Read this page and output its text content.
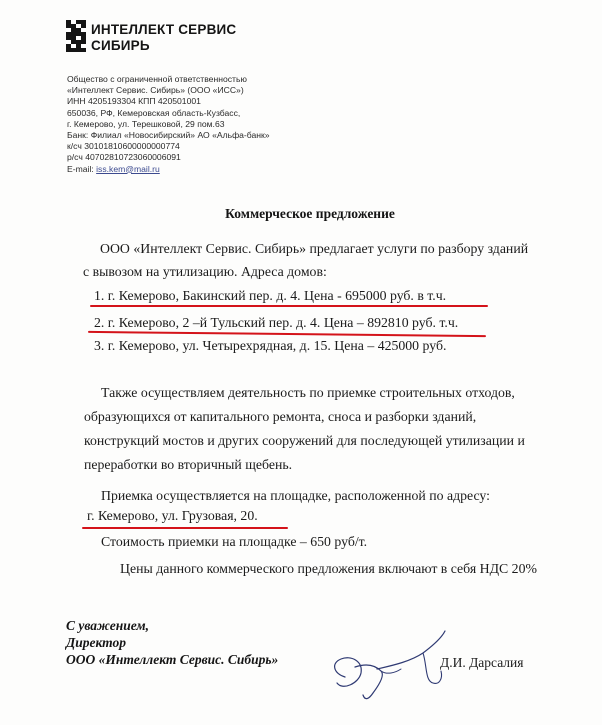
ИНТЕЛЛЕКТ СЕРВИС
СИБИРЬ
Общество с ограниченной ответственностью
«Интеллект Сервис. Сибирь» (ООО «ИСС»)
ИНН 4205193304 КПП 420501001
650036, РФ, Кемеровская область-Кузбасс,
г. Кемерово, ул. Терешковой, 29 пом.63
Банк: Филиал «Новосибирский» АО «Альфа-банк»
к/сч 30101810600000000774
р/сч 40702810723060006091
E-mail: iss.kem@mail.ru
Коммерческое предложение
ООО «Интеллект Сервис. Сибирь» предлагает услуги по разбору зданий
с вывозом на утилизацию. Адреса домов:
1. г. Кемерово, Бакинский пер. д. 4. Цена - 695000 руб. в т.ч.
2. г. Кемерово, 2 –й Тульский пер. д. 4. Цена – 892810 руб. т.ч.
3. г. Кемерово, ул. Четырехрядная, д. 15. Цена – 425000 руб.
Также осуществляем деятельность по приемке строительных отходов,
образующихся от капитального ремонта, сноса и разборки зданий,
конструкций мостов и других сооружений для последующей утилизации и
переработки во вторичный щебень.
Приемка осуществляется на площадке, расположенной по адресу:
г. Кемерово, ул. Грузовая, 20.
Стоимость приемки на площадке – 650 руб/т.
Цены данного коммерческого предложения включают в себя НДС 20%
С уважением,
Директор
ООО «Интеллект Сервис. Сибирь»	Д.И. Дарсалия
